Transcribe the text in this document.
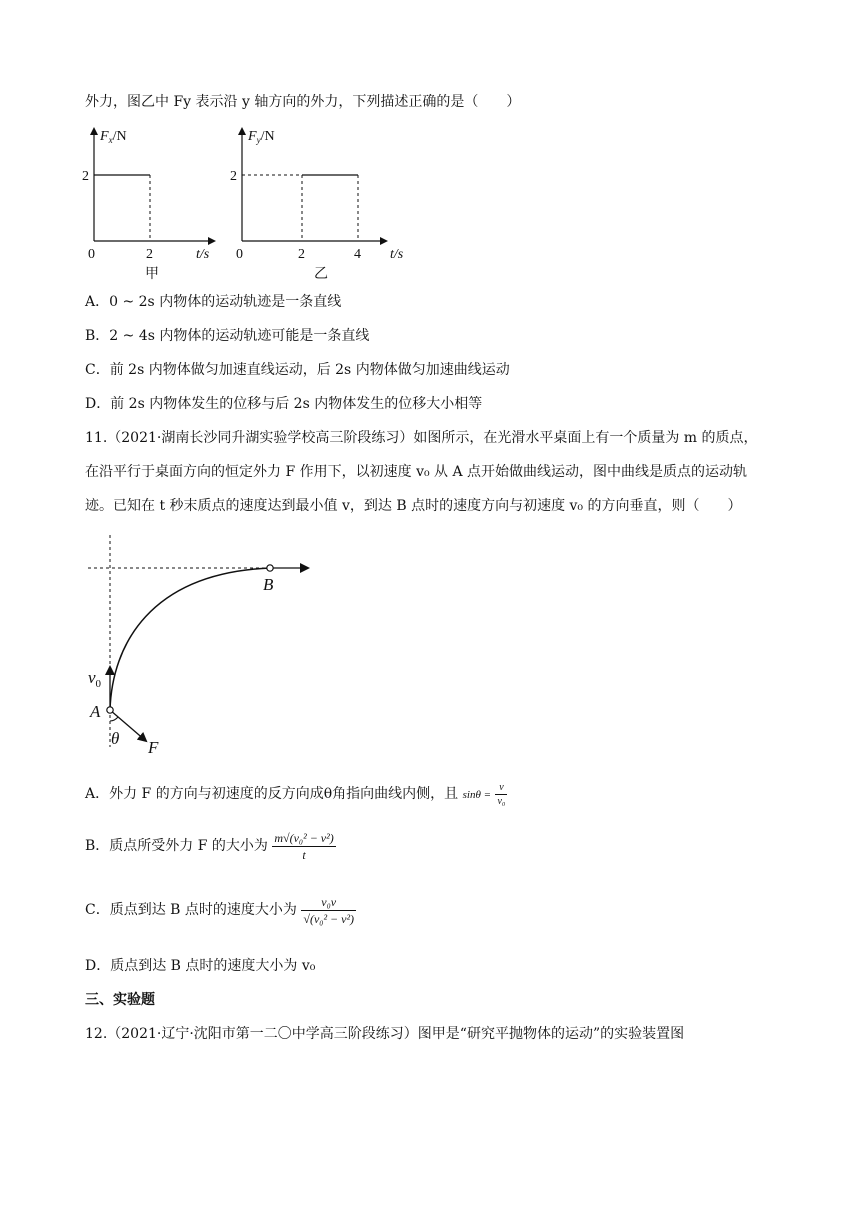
外力，图乙中 Fy 表示沿 y 轴方向的外力，下列描述正确的是（　　）
$F_x/N$
2
0	2	t/s
甲
$F_y/N$
2
0	2	4 t/s
乙
A．0 ~ 2s 内物体的运动轨迹是一条直线
B．2 ~ 4s 内物体的运动轨迹可能是一条直线
C．前 2s 内物体做匀加速直线运动，后 2s 内物体做匀加速曲线运动
D．前 2s 内物体发生的位移与后 2s 内物体发生的位移大小相等
11.（2021·湖南长沙同升湖实验学校高三阶段练习）如图所示，在光滑水平桌面上有一个质量为 m 的质点，
在沿平行于桌面方向的恒定外力 F 作用下，以初速度 v₀ 从 A 点开始做曲线运动，图中曲线是质点的运动轨
迹。已知在 t 秒末质点的速度达到最小值 v，到达 B 点时的速度方向与初速度 v₀ 的方向垂直，则（　　）
B
A
$v_0$
θ F
A．外力 F 的方向与初速度的反方向成θ角指向曲线内侧，且 $\sin\theta = \frac{v}{\text{v₀}}$
B．质点所受外力 F 的大小为 $\frac{\text{m√(v₀² − v²)}}{t}$
C．质点到达 B 点时的速度大小为 $\frac{\text{v₀v}}{\text{√(v₀² − v²)}}$
D．质点到达 B 点时的速度大小为 v₀
三、实验题
12.（2021·辽宁·沈阳市第一二〇中学高三阶段练习）图甲是“研究平抛物体的运动”的实验装置图
